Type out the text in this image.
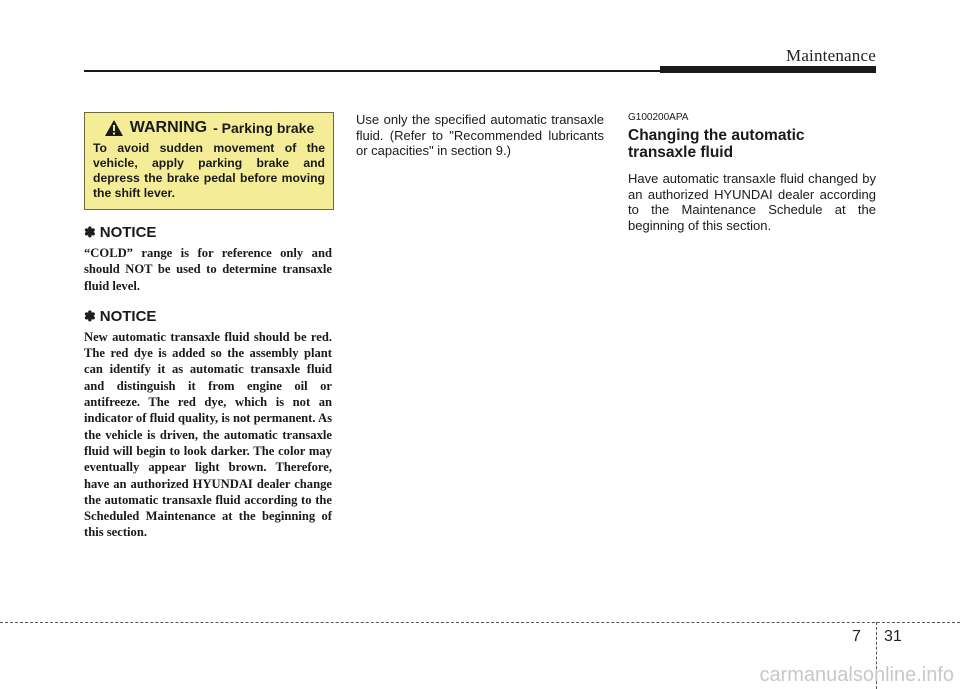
Maintenance
WARNING - Parking brake

To avoid sudden movement of the vehicle, apply parking brake and depress the brake pedal before moving the shift lever.

✽ NOTICE

“COLD” range is for reference only and should NOT be used to determine transaxle fluid level.

✽ NOTICE

New automatic transaxle fluid should be red. The red dye is added so the assembly plant can identify it as automatic transaxle fluid and distinguish it from engine oil or antifreeze. The red dye, which is not an indicator of fluid quality, is not permanent. As the vehicle is driven, the automatic transaxle fluid will begin to look darker. The color may eventually appear light brown. Therefore, have an authorized HYUNDAI dealer change the automatic transaxle fluid according to the Scheduled Maintenance at the beginning of this section.

Use only the specified automatic transaxle fluid. (Refer to "Recommended lubricants or capacities" in section 9.)

G100200APA

Changing the automatic transaxle fluid

Have automatic transaxle fluid changed by an authorized HYUNDAI dealer according to the Maintenance Schedule at the beginning of this section.

7 31
carmanualsonline.info
